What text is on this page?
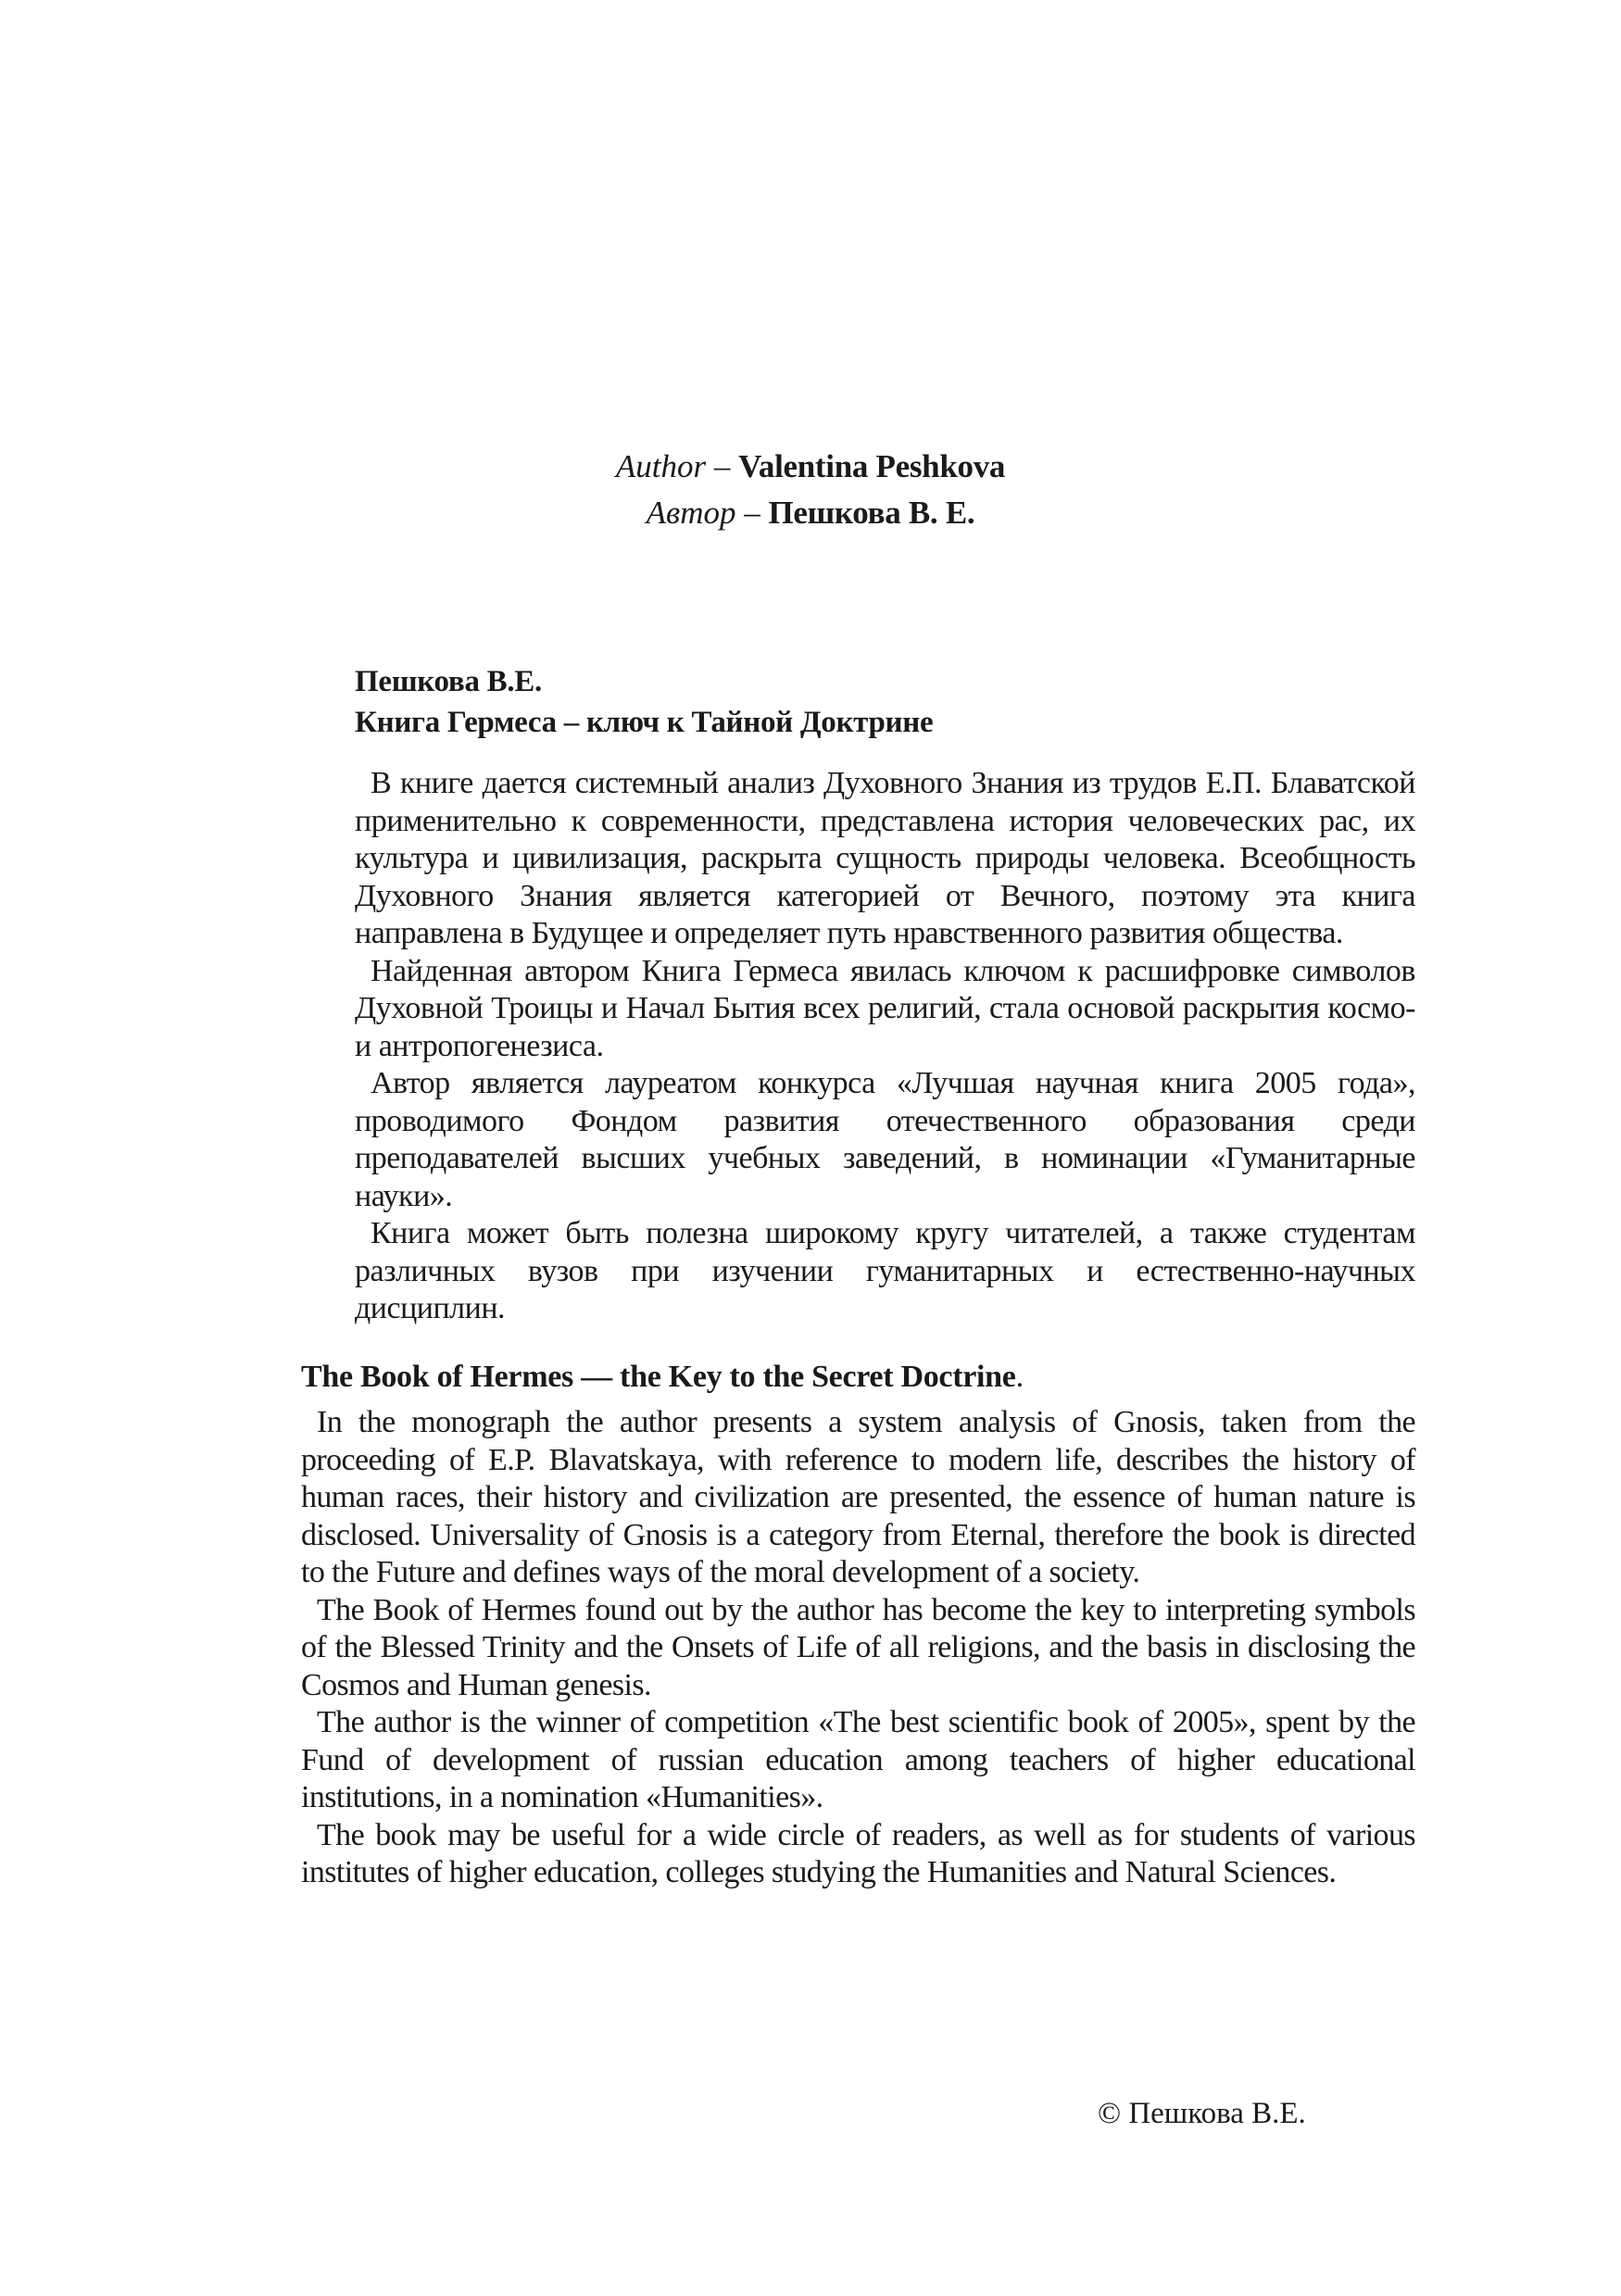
Author – Valentina Peshkova
Автор – Пешкова В. Е.
Пешкова В.Е.
Книга Гермеса – ключ к Тайной Доктрине

В книге дается системный анализ Духовного Знания из трудов Е.П. Блаватской применительно к современности, представлена история человеческих рас, их культура и цивилизация, раскрыта сущность природы человека. Всеобщность Духовного Знания является категорией от Вечного, поэтому эта книга направлена в Будущее и определяет путь нравственного развития общества.

Найденная автором Книга Гермеса явилась ключом к расшифровке символов Духовной Троицы и Начал Бытия всех религий, стала основой раскрытия космо- и антропогенезиса.

Автор является лауреатом конкурса «Лучшая научная книга 2005 года», проводимого Фондом развития отечественного образования среди преподавателей высших учебных заведений, в номинации «Гуманитарные науки».

Книга может быть полезна широкому кругу читателей, а также студентам различных вузов при изучении гуманитарных и естественно-научных дисциплин.

The Book of Hermes — the Key to the Secret Doctrine.

In the monograph the author presents a system analysis of Gnosis, taken from the proceeding of E.P. Blavatskaya, with reference to modern life, describes the history of human races, their history and civilization are presented, the essence of human nature is disclosed. Universality of Gnosis is a category from Eternal, therefore the book is directed to the Future and defines ways of the moral development of a society.

The Book of Hermes found out by the author has become the key to interpreting symbols of the Blessed Trinity and the Onsets of Life of all religions, and the basis in disclosing the Cosmos and Human genesis.

The author is the winner of competition «The best scientific book of 2005», spent by the Fund of development of russian education among teachers of higher educational institutions, in a nomination «Humanities».

The book may be useful for a wide circle of readers, as well as for students of various institutes of higher education, colleges studying the Humanities and Natural Sciences.

© Пешкова В.Е.
